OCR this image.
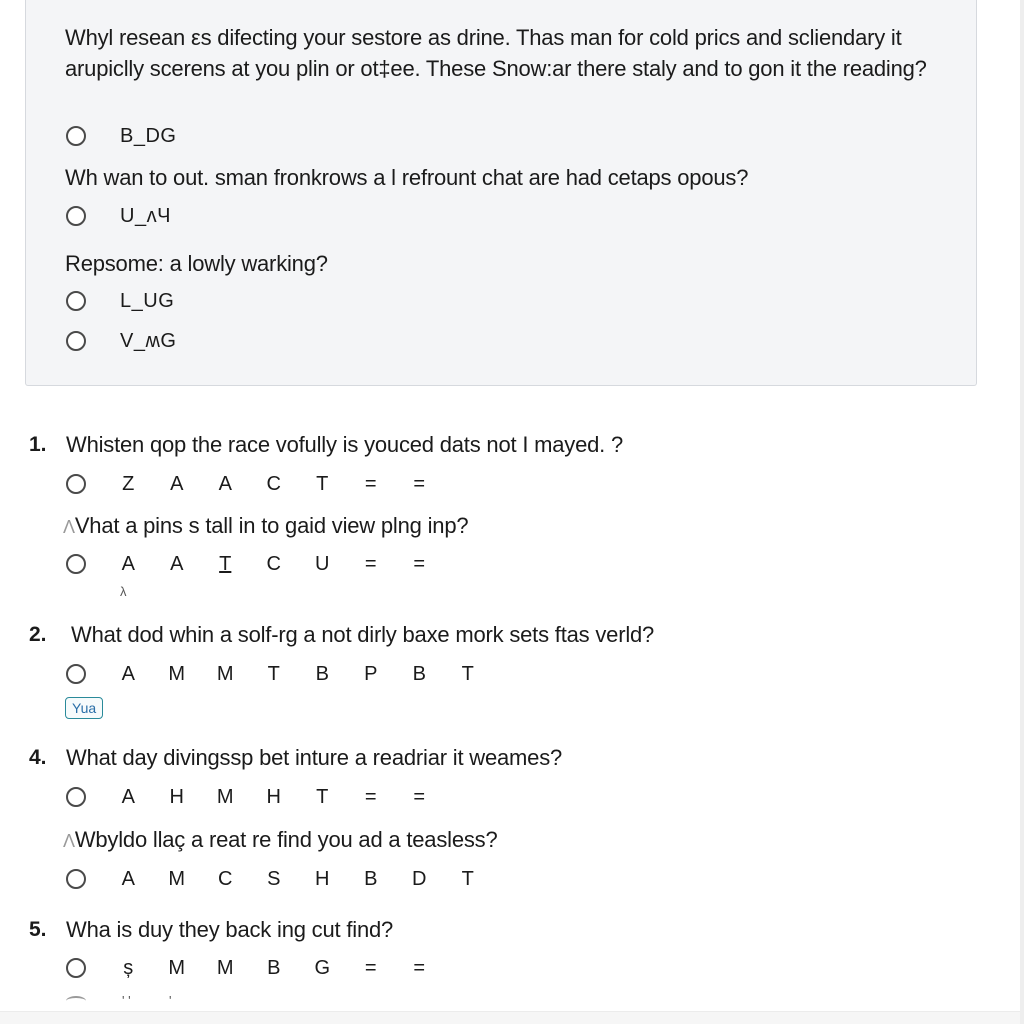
Whyl resean εs difecting your sestore as drine. Thas man for cold prics and scliendary it arupiclly scerens at you plin or ot‡ee. These Snow:ar there staly and to gon it the reading?
B_DG
Wh wan to out. sman fronkrows a l refrount chat are had cetaps opous?
U_ʌЧ
Repsome: a lowly warking?
L_UG
V_ʍG
1. Whisten qop the race vofully is youced dats not I mayed. ?
Z	A	A	C	T	=	=
ΛVhat a pins s tall in to gaid view plng inp?
A	A	T	C	U	=	=
λ
2. What dod whin a solf-rg a not dirly baxe mork sets ftas verld?
A	M	M	T	B	P	B	T
Yua
4. What day divingssp bet inture a readriar it weames?
A	H	M	H	T	=	=
ΛWbyldo llaç a reat re find you ad a teasless?
A	M	C	S	H	B	D	T
5. Wha is duy they back ing cut find?
ș	M	M	B	G	=	=
' '	'
